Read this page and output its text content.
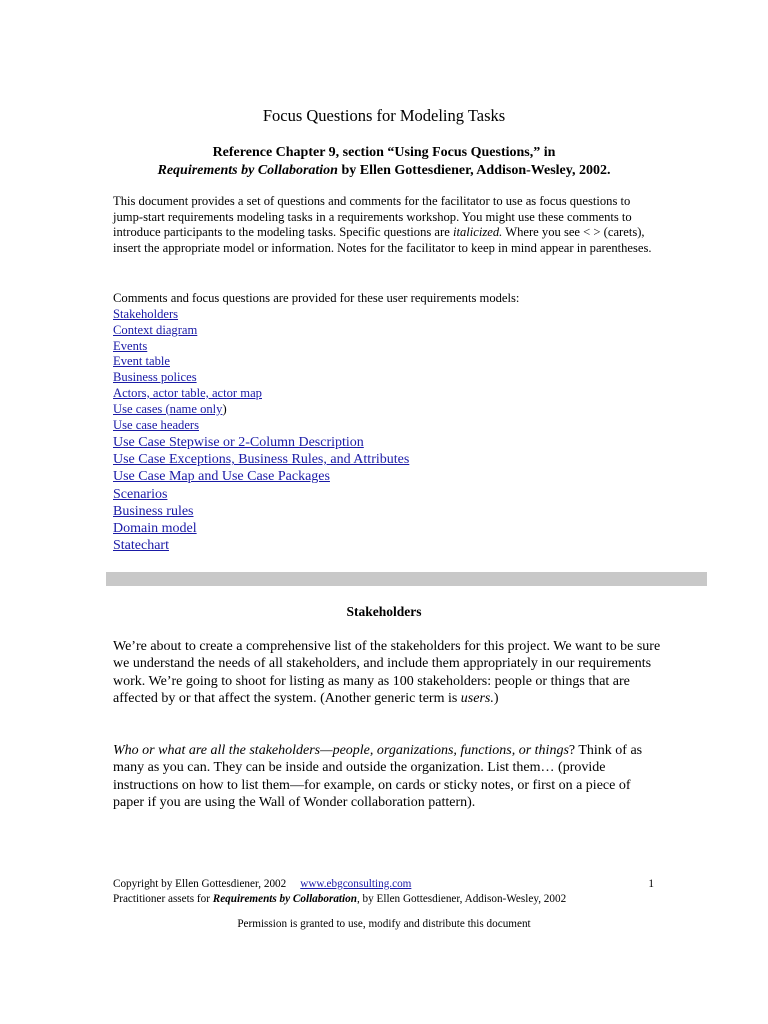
Focus Questions for Modeling Tasks
Reference Chapter 9, section “Using Focus Questions,” in
Requirements by Collaboration by Ellen Gottesdiener, Addison-Wesley, 2002.
This document provides a set of questions and comments for the facilitator to use as focus questions to jump-start requirements modeling tasks in a requirements workshop. You might use these comments to introduce participants to the modeling tasks. Specific questions are italicized. Where you see < > (carets), insert the appropriate model or information. Notes for the facilitator to keep in mind appear in parentheses.
Comments and focus questions are provided for these user requirements models:
Stakeholders
Context diagram
Events
Event table
Business polices
Actors, actor table, actor map
Use cases (name only)
Use case headers
Use Case Stepwise or 2-Column Description
Use Case Exceptions, Business Rules, and Attributes
Use Case Map and Use Case Packages
Scenarios
Business rules
Domain model
Statechart
Stakeholders
We’re about to create a comprehensive list of the stakeholders for this project. We want to be sure we understand the needs of all stakeholders, and include them appropriately in our requirements work. We’re going to shoot for listing as many as 100 stakeholders: people or things that are affected by or that affect the system. (Another generic term is users.)
Who or what are all the stakeholders—people, organizations, functions, or things? Think of as many as you can. They can be inside and outside the organization. List them… (provide instructions on how to list them—for example, on cards or sticky notes, or first on a piece of paper if you are using the Wall of Wonder collaboration pattern).
Copyright by Ellen Gottesdiener, 2002 www.ebgconsulting.com	1
Practitioner assets for Requirements by Collaboration, by Ellen Gottesdiener, Addison-Wesley, 2002
Permission is granted to use, modify and distribute this document
